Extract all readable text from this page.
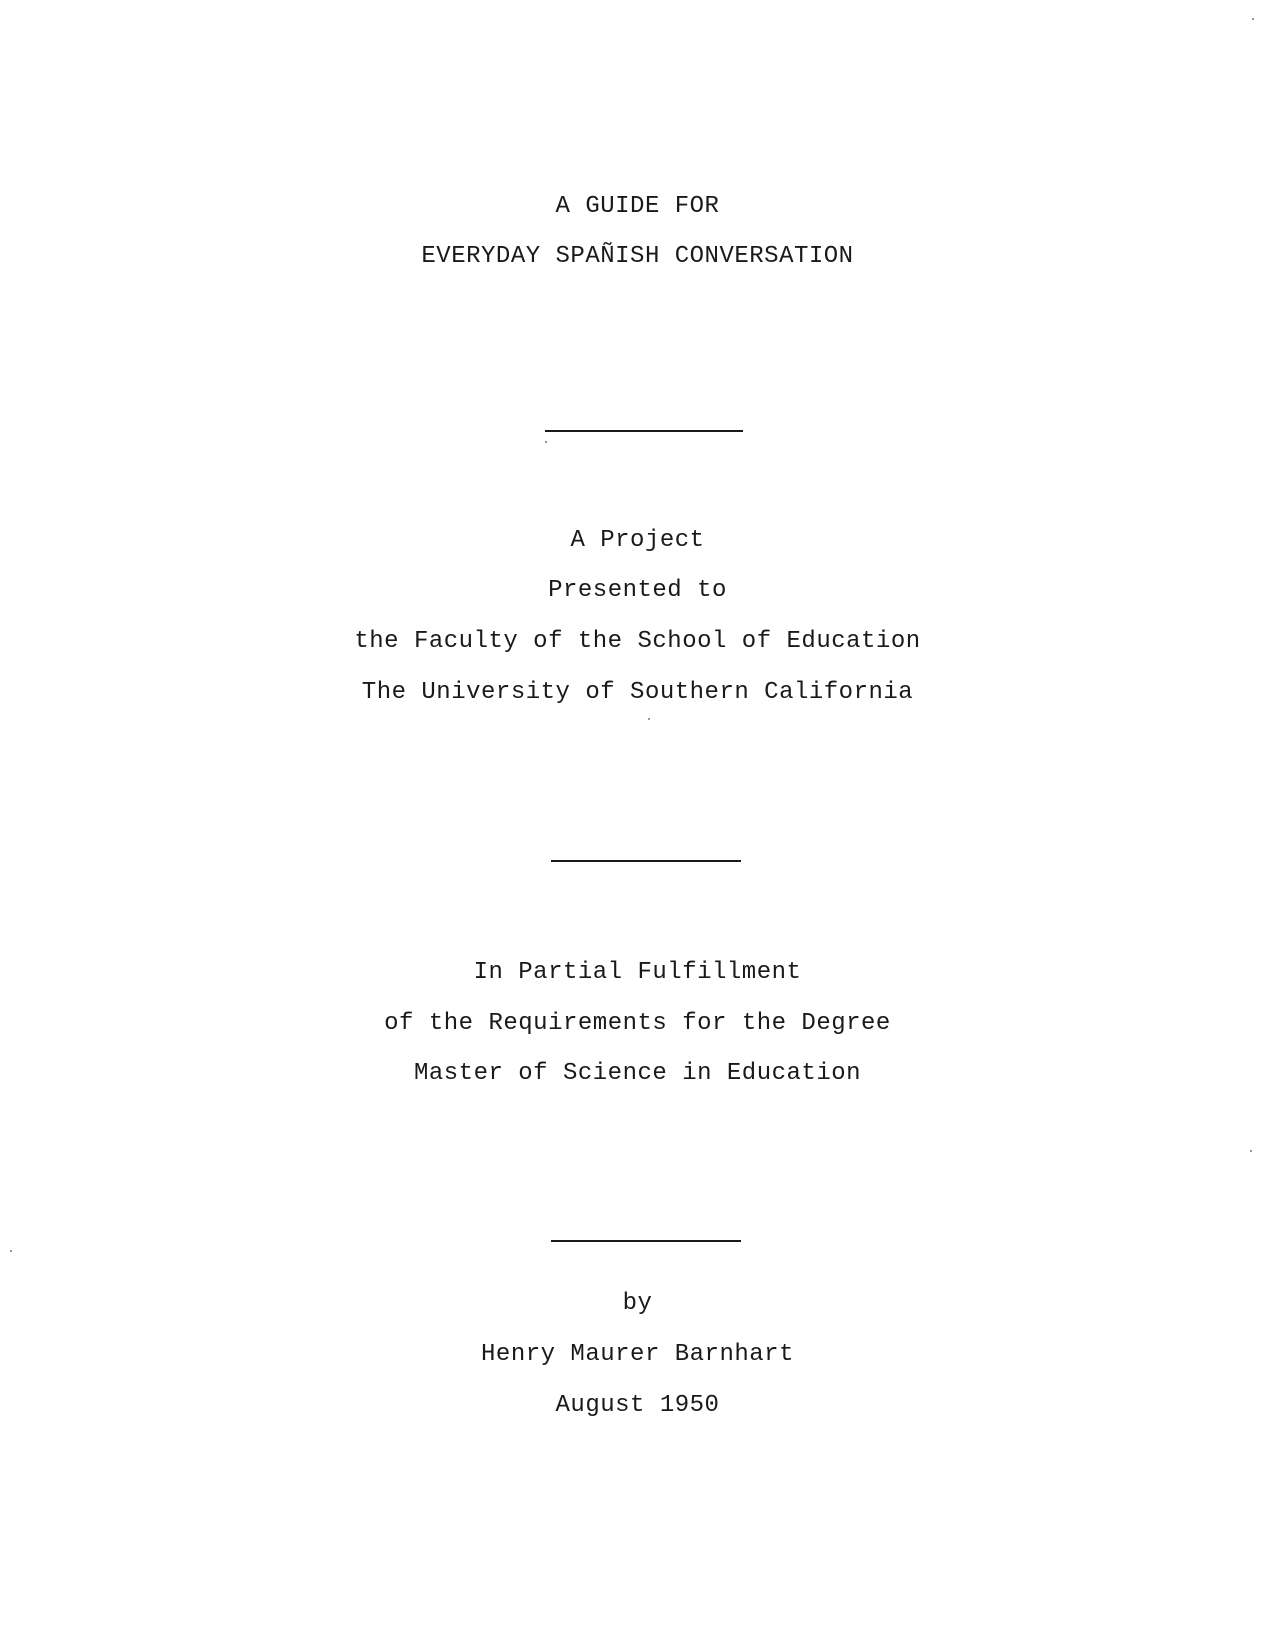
A GUIDE FOR
EVERYDAY SPAÑISH CONVERSATION
A Project
Presented to
the Faculty of the School of Education
The University of Southern California
In Partial Fulfillment
of the Requirements for the Degree
Master of Science in Education
by
Henry Maurer Barnhart
August 1950
